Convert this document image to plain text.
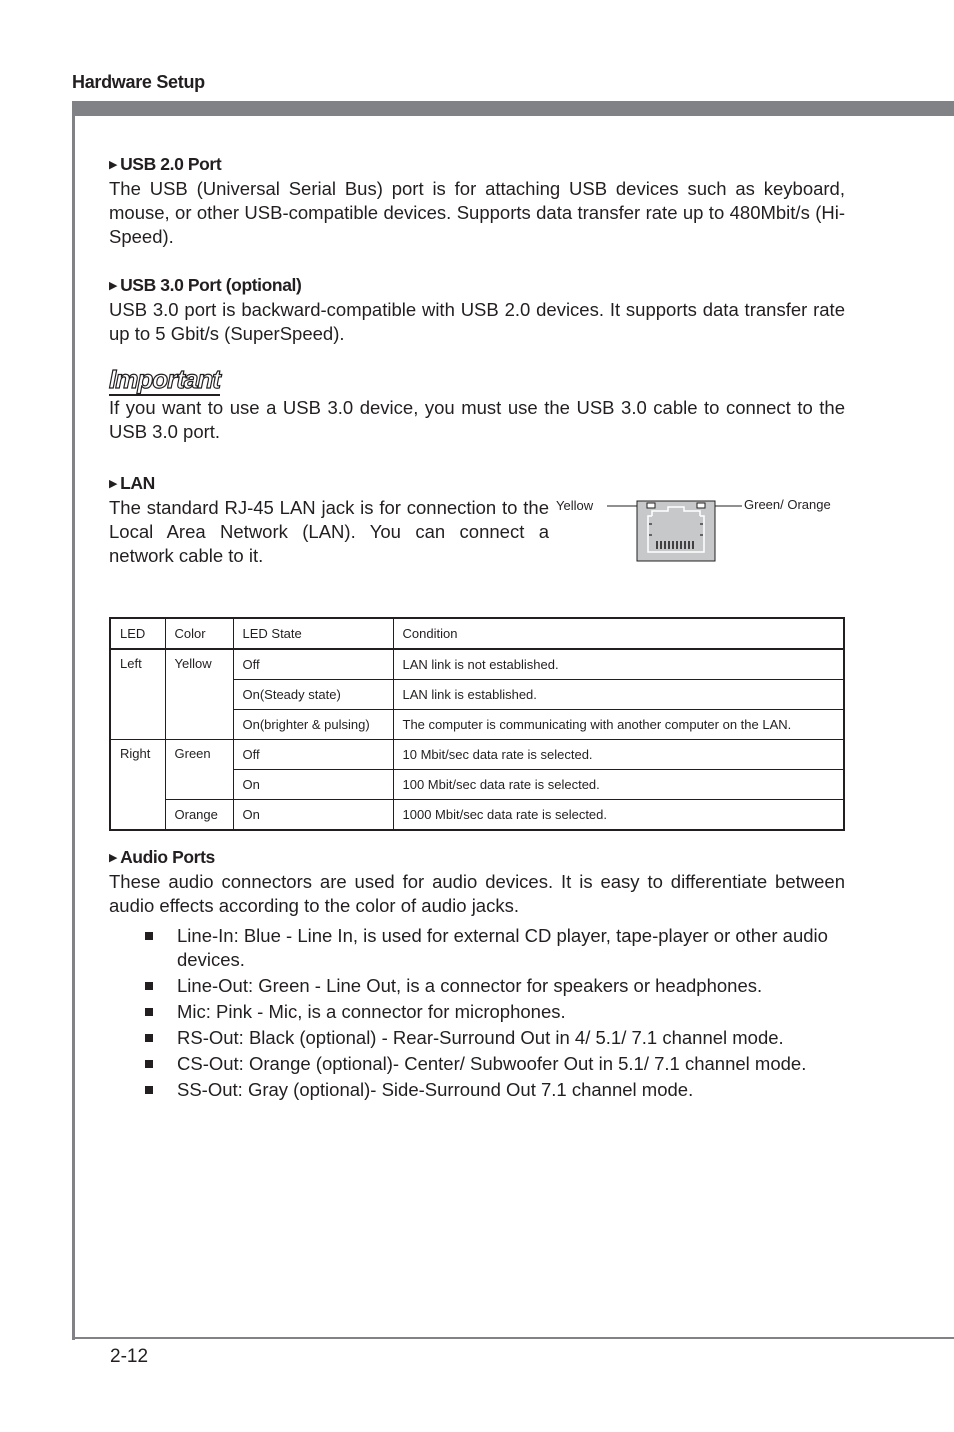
Hardware Setup
2-12
▶ USB 2.0 Port
The USB (Universal Serial Bus) port is for attaching USB devices such as keyboard, mouse, or other USB-compatible devices. Supports data transfer rate up to 480Mbit/s (Hi-Speed).
▶ USB 3.0 Port (optional)
USB 3.0 port is backward-compatible with USB 2.0 devices. It supports data transfer rate up to 5 Gbit/s (SuperSpeed).
Important
If you want to use a USB 3.0 device, you must use the USB 3.0 cable to connect to the USB 3.0 port.
▶ LAN
The standard RJ-45 LAN jack is for connection to the Local Area Network (LAN). You can connect a network cable to it.
Yellow	Green/ Orange
LED	Color	LED State	Condition
Left	Yellow	Off	LAN link is not established.
		On(Steady state)	LAN link is established.
		On(brighter & pulsing)	The computer is communicating with another computer on the LAN.
Right	Green	Off	10 Mbit/sec data rate is selected.
		On	100 Mbit/sec data rate is selected.
	Orange	On	1000 Mbit/sec data rate is selected.
▶ Audio Ports
These audio connectors are used for audio devices. It is easy to differentiate between audio effects according to the color of audio jacks.
Line-In: Blue - Line In, is used for external CD player, tape-player or other audio devices.
Line-Out: Green - Line Out, is a connector for speakers or headphones.
Mic: Pink - Mic, is a connector for microphones.
RS-Out: Black (optional) - Rear-Surround Out in 4/ 5.1/ 7.1 channel mode.
CS-Out: Orange (optional)- Center/ Subwoofer Out in 5.1/ 7.1 channel mode.
SS-Out: Gray (optional)- Side-Surround Out 7.1 channel mode.
